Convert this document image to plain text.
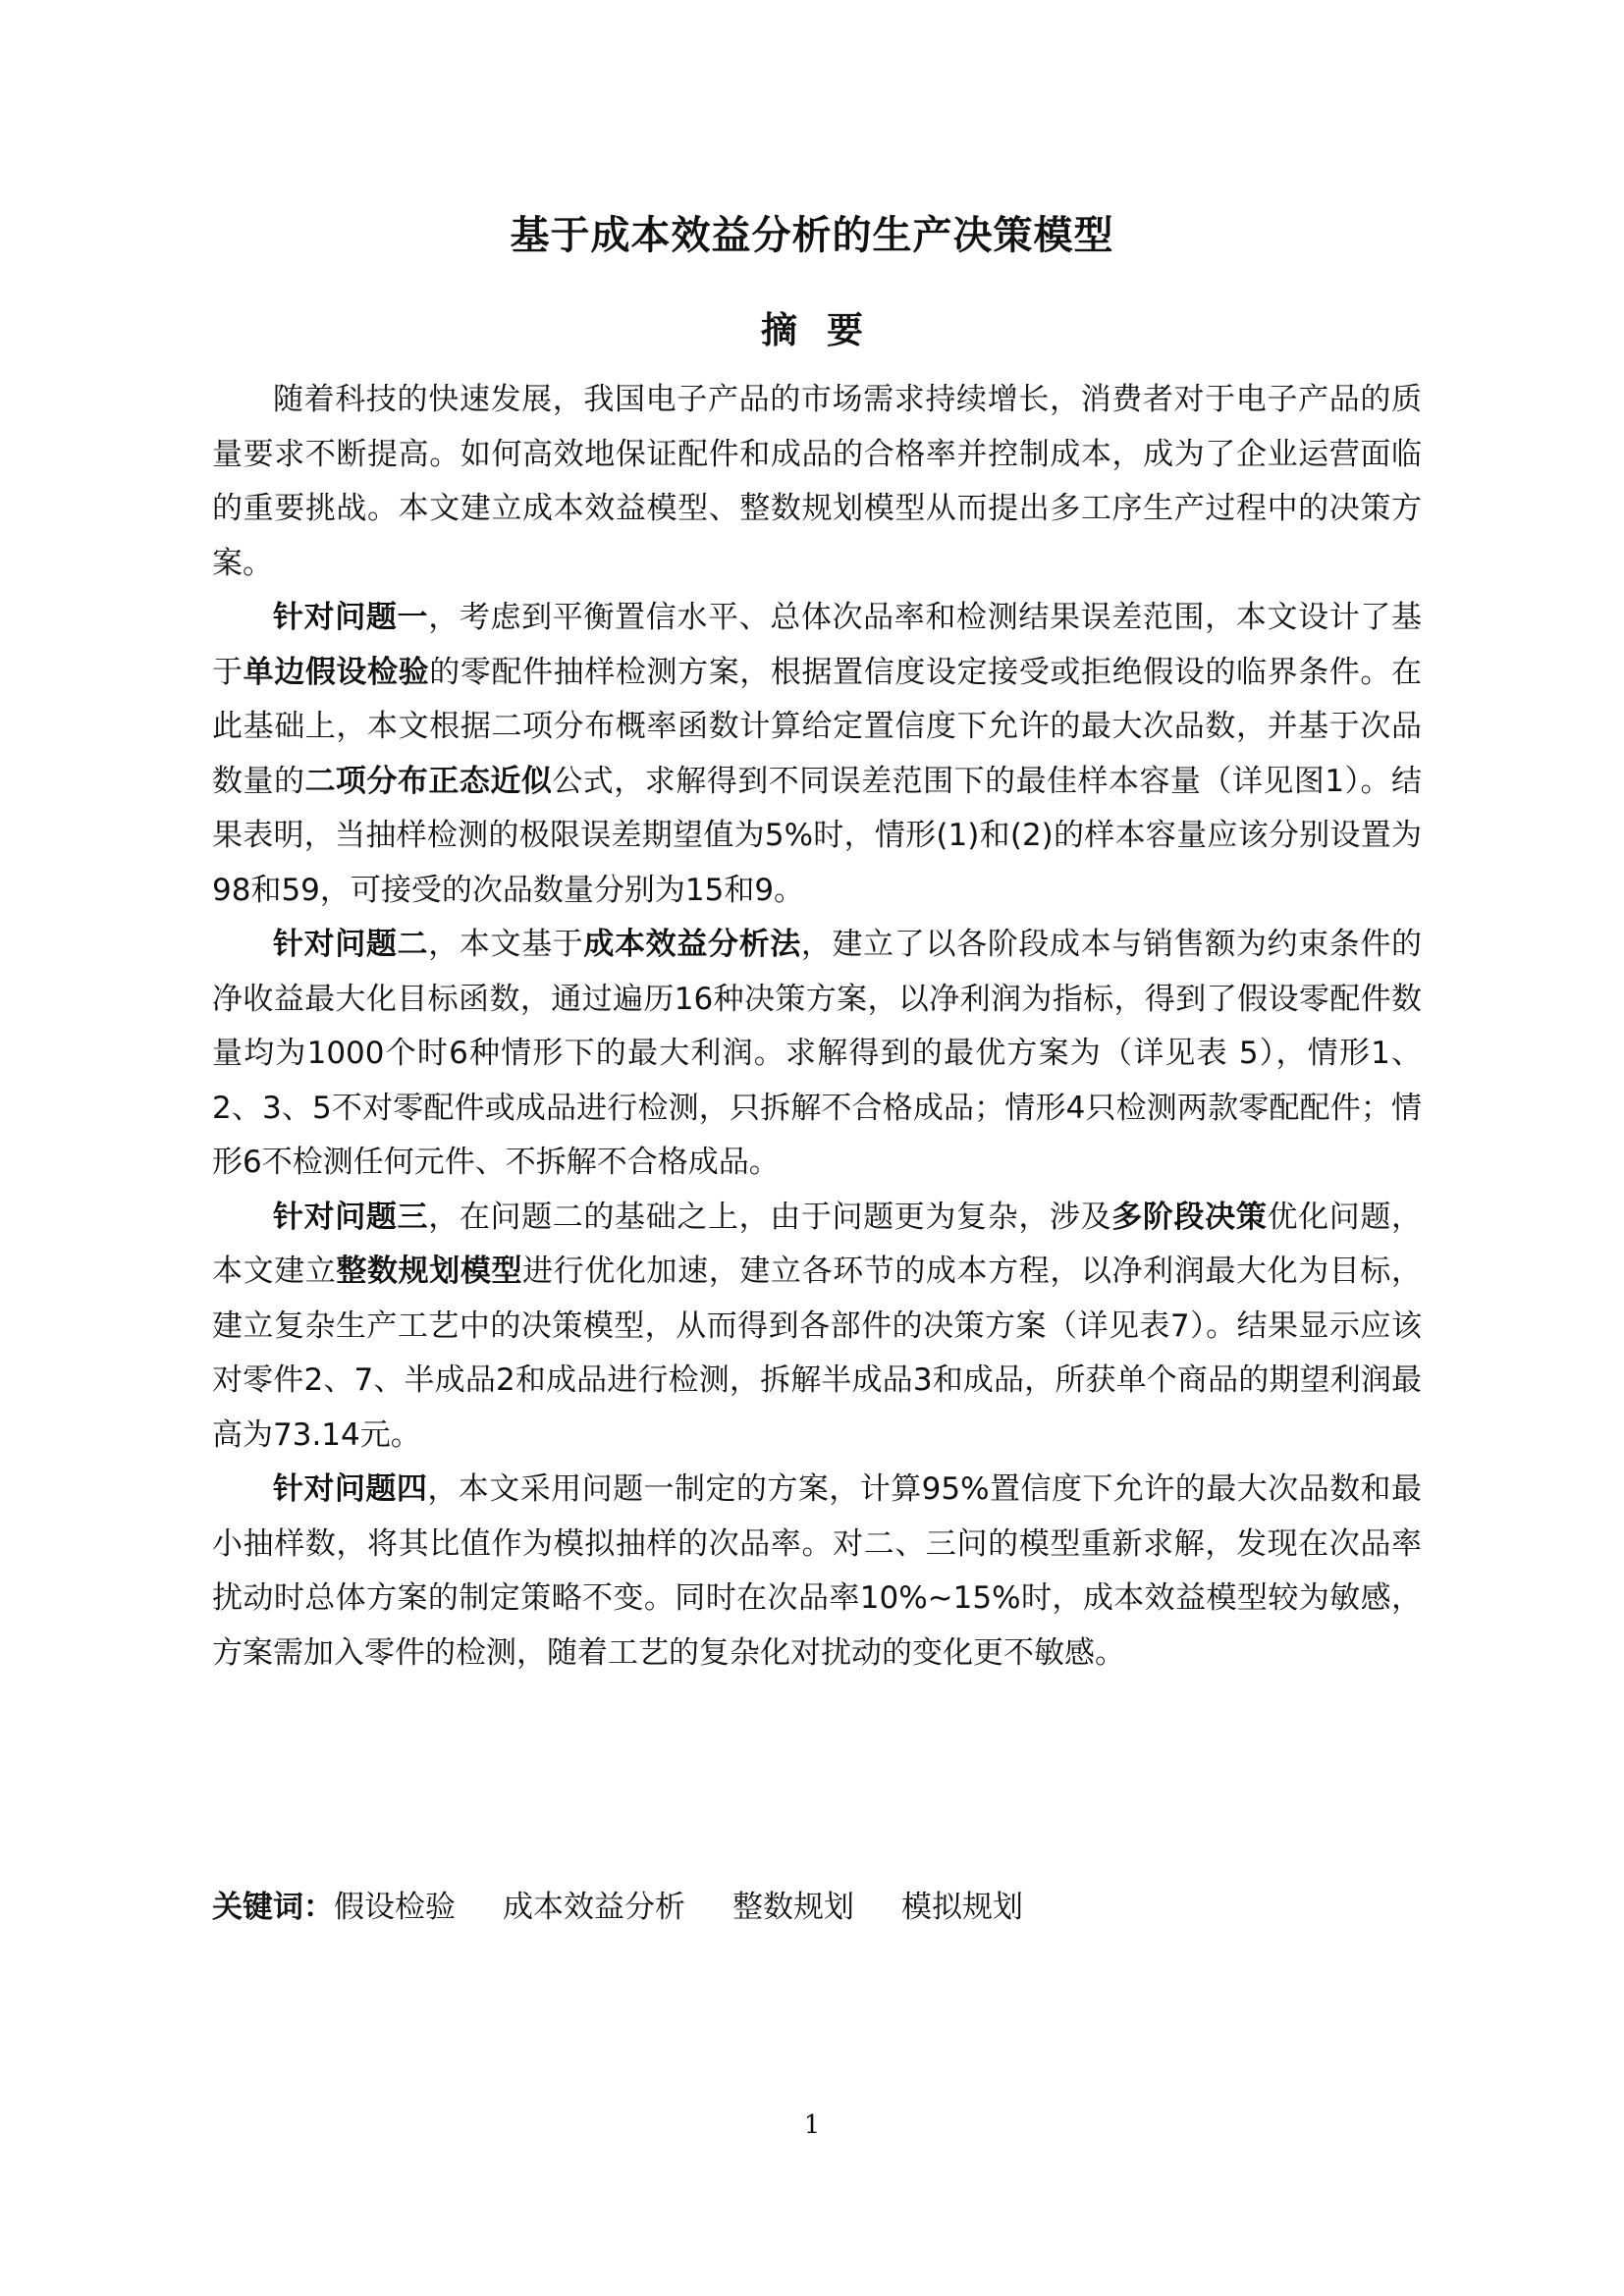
基于成本效益分析的生产决策模型
摘要

随着科技的快速发展，我国电子产品的市场需求持续增长，消费者对于电子产品的质量要求不断提高。如何高效地保证配件和成品的合格率并控制成本，成为了企业运营面临的重要挑战。本文建立成本效益模型、整数规划模型从而提出多工序生产过程中的决策方案。

针对问题一，考虑到平衡置信水平、总体次品率和检测结果误差范围，本文设计了基于单边假设检验的零配件抽样检测方案，根据置信度设定接受或拒绝假设的临界条件。在此基础上，本文根据二项分布概率函数计算给定置信度下允许的最大次品数，并基于次品数量的二项分布正态近似公式，求解得到不同误差范围下的最佳样本容量（详见图1）。结果表明，当抽样检测的极限误差期望值为5%时，情形(1)和(2)的样本容量应该分别设置为98和59，可接受的次品数量分别为15和9。

针对问题二，本文基于成本效益分析法，建立了以各阶段成本与销售额为约束条件的净收益最大化目标函数，通过遍历16种决策方案，以净利润为指标，得到了假设零配件数量均为1000个时6种情形下的最大利润。求解得到的最优方案为（详见表 5），情形1、2、3、5不对零配件或成品进行检测，只拆解不合格成品；情形4只检测两款零配配件；情形6不检测任何元件、不拆解不合格成品。

针对问题三，在问题二的基础之上，由于问题更为复杂，涉及多阶段决策优化问题，本文建立整数规划模型进行优化加速，建立各环节的成本方程，以净利润最大化为目标， 建立复杂生产工艺中的决策模型，从而得到各部件的决策方案（详见表7）。结果显示应该对零件2、7、半成品2和成品进行检测，拆解半成品3和成品，所获单个商品的期望利润最高为73.14元。

针对问题四，本文采用问题一制定的方案，计算95%置信度下允许的最大次品数和最小抽样数，将其比值作为模拟抽样的次品率。对二、三问的模型重新求解，发现在次品率扰动时总体方案的制定策略不变。同时在次品率10%~15%时，成本效益模型较为敏感，方案需加入零件的检测，随着工艺的复杂化对扰动的变化更不敏感。

关键词：假设检验 成本效益分析 整数规划 模拟规划

1
